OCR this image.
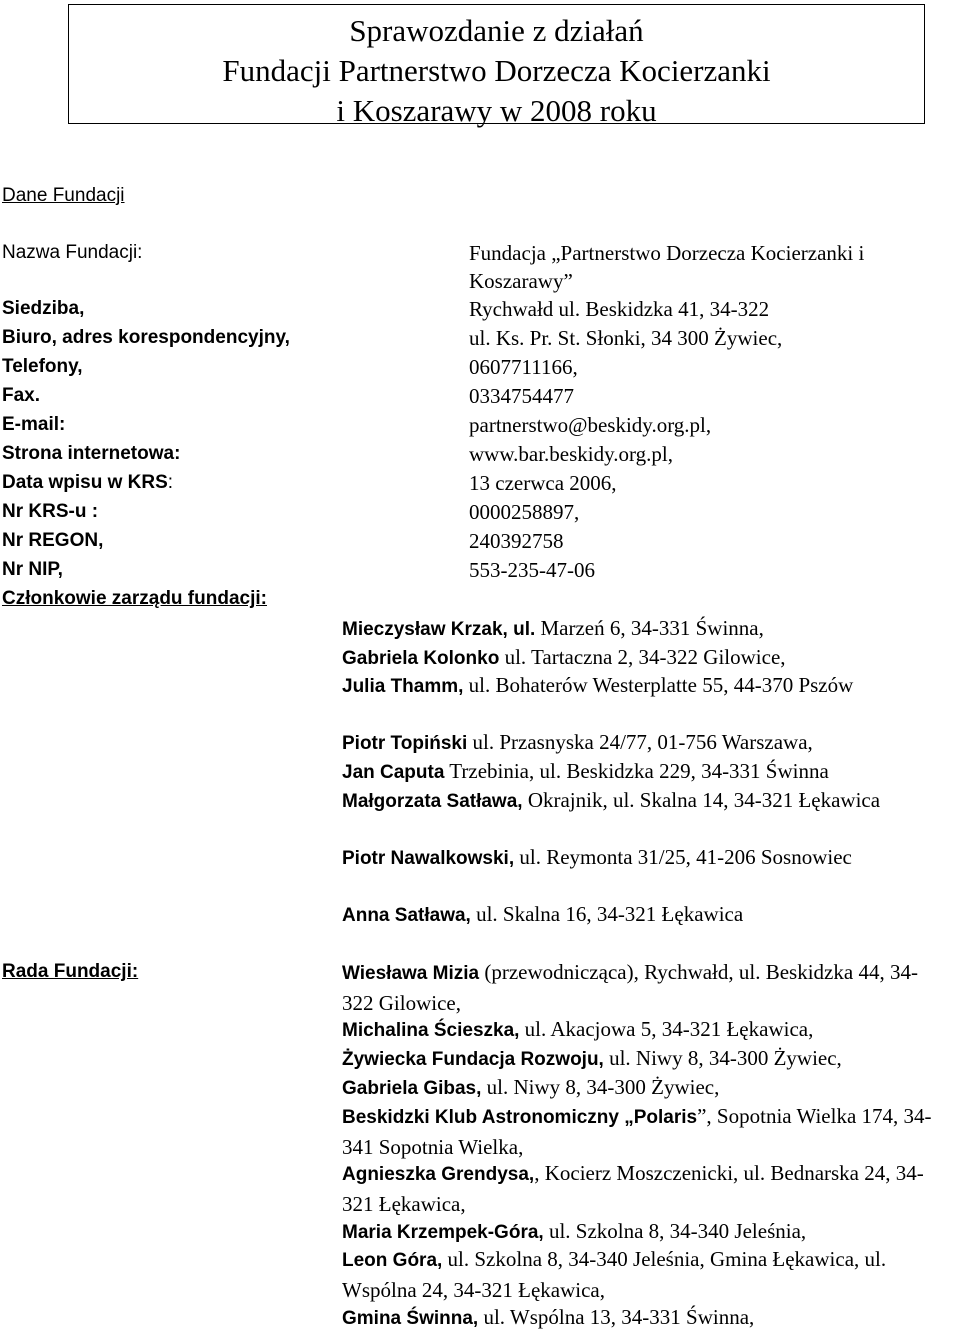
Sprawozdanie z działań
Fundacji Partnerstwo Dorzecza Kocierzanki
i Koszarawy w 2008 roku
Dane Fundacji
Nazwa Fundacji:	Fundacja „Partnerstwo Dorzecza Kocierzanki i
Koszarawy”
Siedziba,	Rychwałd ul. Beskidzka 41, 34-322
Biuro, adres korespondencyjny,	ul. Ks. Pr. St. Słonki, 34 300 Żywiec,
Telefony,	0607711166,
Fax.	0334754477
E-mail:	partnerstwo@beskidy.org.pl,
Strona internetowa:	www.bar.beskidy.org.pl,
Data wpisu w KRS:	13 czerwca 2006,
Nr KRS-u :	0000258897,
Nr REGON,	240392758
Nr NIP,	553-235-47-06
Członkowie zarządu fundacji:
Mieczysław Krzak, ul. Marzeń 6, 34-331 Świnna,
Gabriela Kolonko ul. Tartaczna 2, 34-322 Gilowice,
Julia Thamm, ul. Bohaterów Westerplatte 55, 44-370 Pszów
Piotr Topiński ul. Przasnyska 24/77, 01-756 Warszawa,
Jan Caputa Trzebinia, ul. Beskidzka 229, 34-331 Świnna
Małgorzata Satława, Okrajnik, ul. Skalna 14, 34-321 Łękawica
Piotr Nawalkowski, ul. Reymonta 31/25, 41-206 Sosnowiec
Anna Satława, ul. Skalna 16, 34-321 Łękawica
Rada Fundacji:	Wiesława Mizia (przewodnicząca), Rychwałd, ul. Beskidzka 44, 34-322 Gilowice,
Michalina Ścieszka, ul. Akacjowa 5, 34-321 Łękawica,
Żywiecka Fundacja Rozwoju, ul. Niwy 8, 34-300 Żywiec,
Gabriela Gibas, ul. Niwy 8, 34-300 Żywiec,
Beskidzki Klub Astronomiczny „Polaris”, Sopotnia Wielka 174, 34-341 Sopotnia Wielka,
Agnieszka Grendysa,, Kocierz Moszczenicki, ul. Bednarska 24, 34-321 Łękawica,
Maria Krzempek-Góra, ul. Szkolna 8, 34-340 Jeleśnia,
Leon Góra, ul. Szkolna 8, 34-340 Jeleśnia, Gmina Łękawica, ul. Wspólna 24, 34-321 Łękawica,
Gmina Świnna, ul. Wspólna 13, 34-331 Świnna,
